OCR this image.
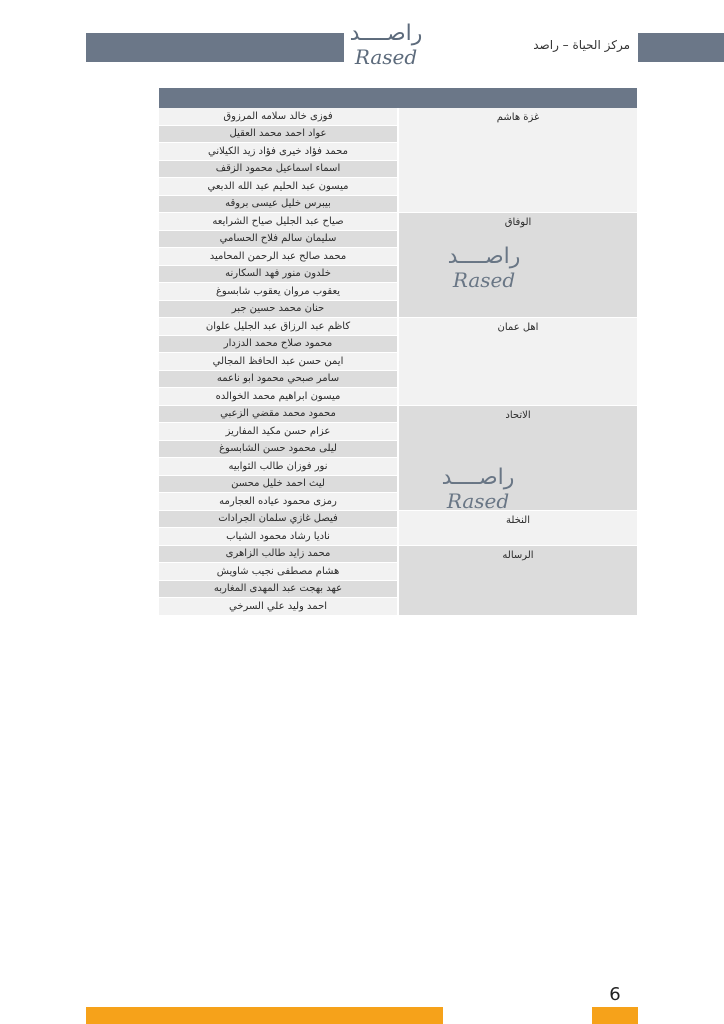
مركز الحياة – راصد
راصــــد
Rased

غزة هاشم	فوزى خالد سلامه المرزوق
	عواد احمد محمد العقيل
	محمد فؤاد خيرى فؤاد زيد الكيلاني
	اسماء اسماعيل محمود الزقف
	ميسون عبد الحليم عبد الله الدبعي
	بيبرس خليل عيسى بروقه
الوفاق	صياح عبد الجليل صياح الشرايعه
	سليمان سالم فلاح الحسامي
	محمد صالح عبد الرحمن المحاميد
	خلدون منور فهد السكارنه
	يعقوب مروان يعقوب شابسوغ
	حنان محمد حسين جبر
اهل عمان	كاظم عبد الرزاق عبد الجليل علوان
	محمود صلاح محمد الدزدار
	ايمن حسن عبد الحافظ المجالي
	سامر صبحي محمود ابو ناعمه
	ميسون ابراهيم محمد الخوالده
الاتحاد	محمود محمد مقضي الزعبي
	عزام حسن مكيد المفاريز
	ليلى محمود حسن الشابسوغ
	نور فوزان طالب الثوابيه
	ليث احمد خليل محسن
	رمزى محمود عياده العجارمه
النخلة	فيصل غازي سلمان الجرادات
	ناديا رشاد محمود الشياب
الرساله	محمد زايد طالب الزاهرى
	هشام مصطفى نجيب شاويش
	عهد بهجت عبد المهدى المغاربه
	احمد وليد علي السرخي
راصــــد
Rased
راصــــد
Rased
6
